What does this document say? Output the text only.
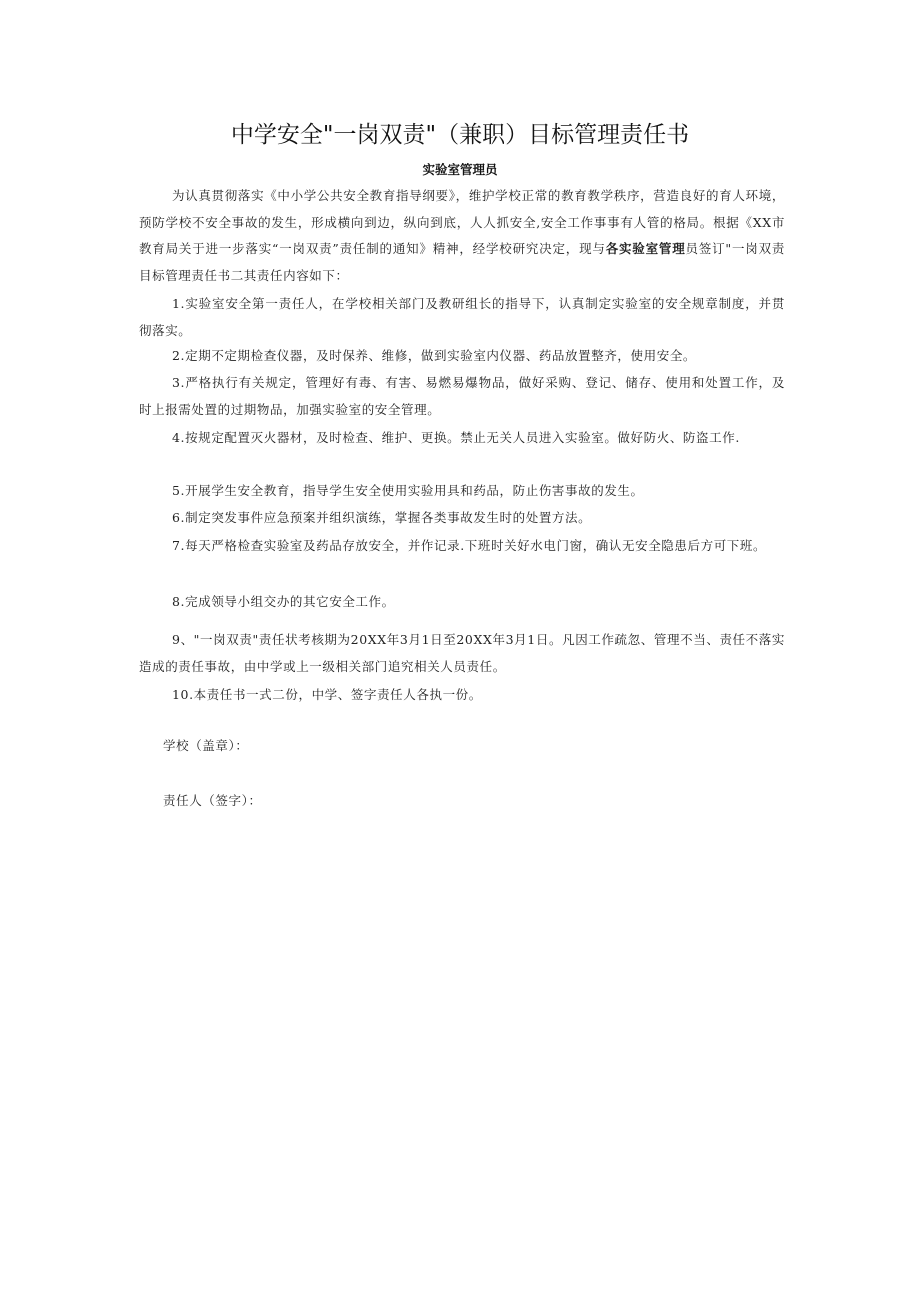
中学安全"一岗双责"（兼职）目标管理责任书
实验室管理员

为认真贯彻落实《中小学公共安全教育指导纲要》，维护学校正常的教育教学秩序，营造良好的育人环境，预防学校不安全事故的发生，形成横向到边，纵向到底，人人抓安全,安全工作事事有人管的格局。根据《XX市教育局关于进一步落实“一岗双责”责任制的通知》精神，经学校研究决定，现与各实验室管理员签订"一岗双责目标管理责任书二其责任内容如下：

1.实验室安全第一责任人，在学校相关部门及教研组长的指导下，认真制定实验室的安全规章制度，并贯彻落实。

2.定期不定期检查仪器，及时保养、维修，做到实验室内仪器、药品放置整齐，使用安全。

3.严格执行有关规定，管理好有毒、有害、易燃易爆物品，做好采购、登记、储存、使用和处置工作，及时上报需处置的过期物品，加强实验室的安全管理。

4.按规定配置灭火器材，及时检查、维护、更换。禁止无关人员进入实验室。做好防火、防盗工作.

5.开展学生安全教育，指导学生安全使用实验用具和药品，防止伤害事故的发生。

6.制定突发事件应急预案并组织演练，掌握各类事故发生时的处置方法。

7.每天严格检查实验室及药品存放安全，并作记录.下班时关好水电门窗，确认无安全隐患后方可下班。

8.完成领导小组交办的其它安全工作。

9、"一岗双责"责任状考核期为20XX年3月1日至20XX年3月1日。凡因工作疏忽、管理不当、责任不落实造成的责任事故，由中学或上一级相关部门追究相关人员责任。

10.本责任书一式二份，中学、签字责任人各执一份。

学校（盖章）：
责任人（签字）：
